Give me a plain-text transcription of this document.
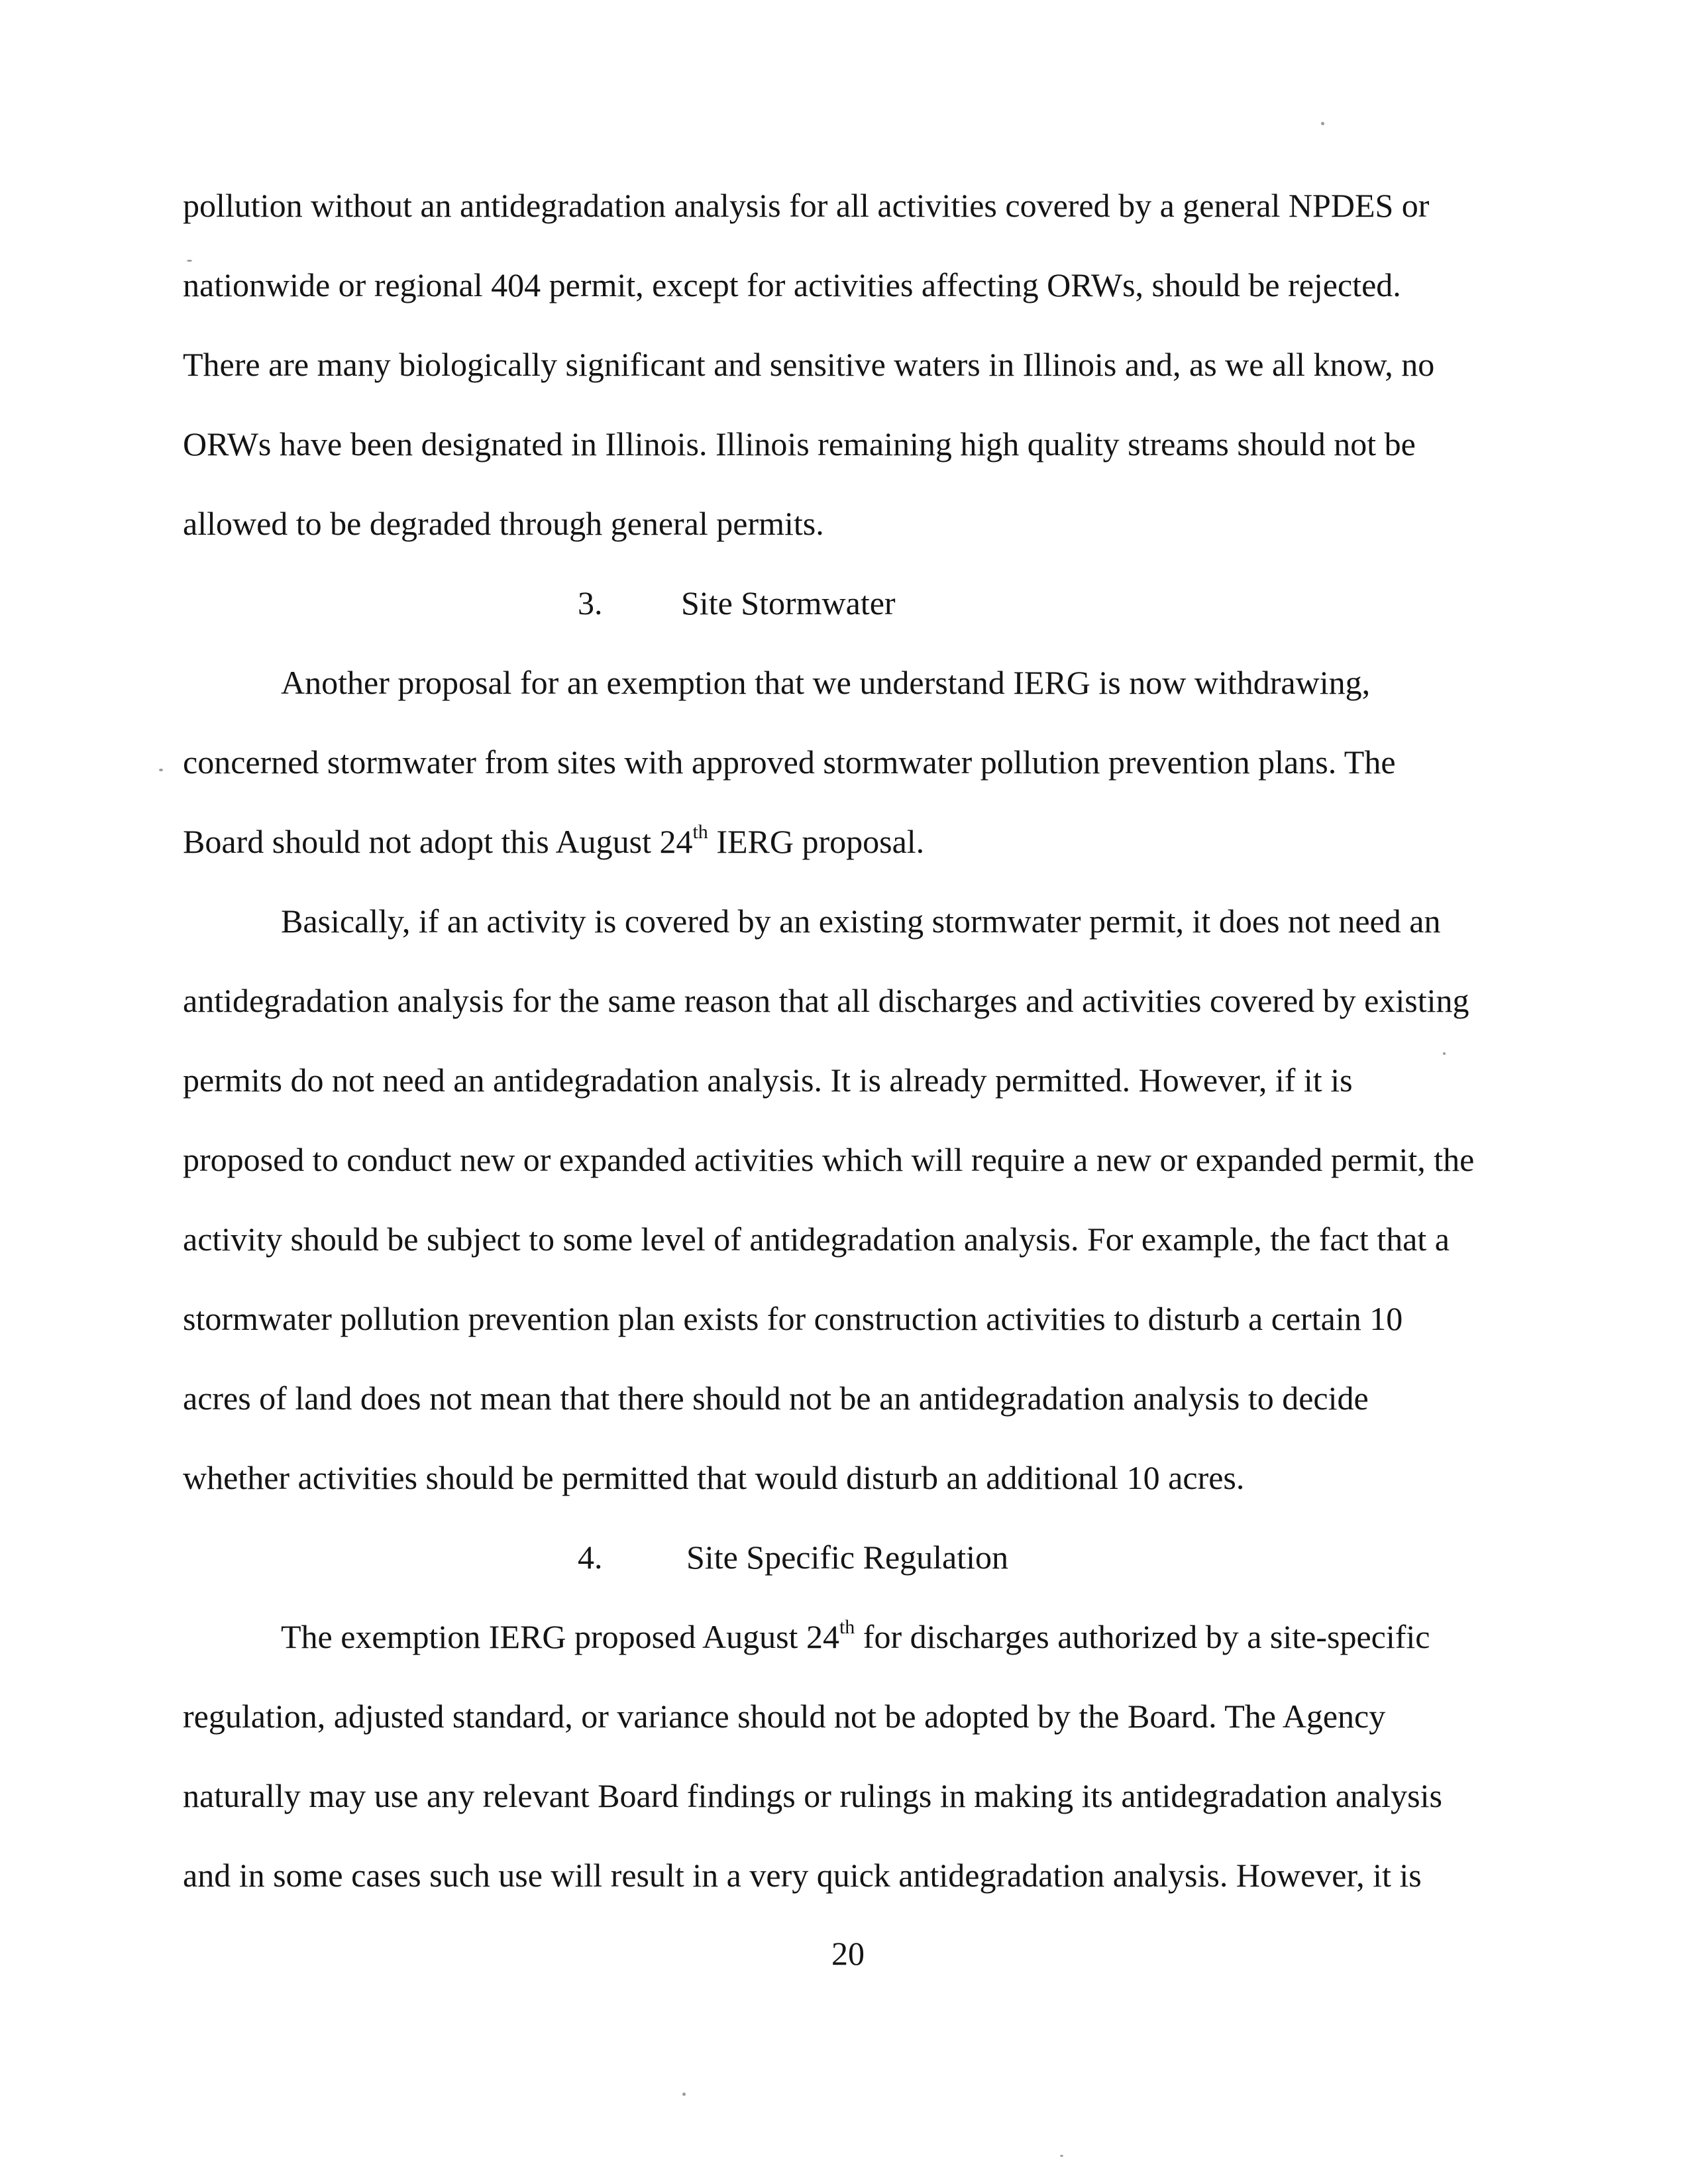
pollution without an antidegradation analysis for all activities covered by a general NPDES or
nationwide or regional 404 permit, except for activities affecting ORWs, should be rejected.
There are many biologically significant and sensitive waters in Illinois and, as we all know, no
ORWs have been designated in Illinois. Illinois remaining high quality streams should not be
allowed to be degraded through general permits.
3. Site Stormwater
Another proposal for an exemption that we understand IERG is now withdrawing,
concerned stormwater from sites with approved stormwater pollution prevention plans. The
Board should not adopt this August 24th IERG proposal.
Basically, if an activity is covered by an existing stormwater permit, it does not need an
antidegradation analysis for the same reason that all discharges and activities covered by existing
permits do not need an antidegradation analysis. It is already permitted. However, if it is
proposed to conduct new or expanded activities which will require a new or expanded permit, the
activity should be subject to some level of antidegradation analysis. For example, the fact that a
stormwater pollution prevention plan exists for construction activities to disturb a certain 10
acres of land does not mean that there should not be an antidegradation analysis to decide
whether activities should be permitted that would disturb an additional 10 acres.
4.	Site Specific Regulation
The exemption IERG proposed August 24th for discharges authorized by a site-specific
regulation, adjusted standard, or variance should not be adopted by the Board. The Agency
naturally may use any relevant Board findings or rulings in making its antidegradation analysis
and in some cases such use will result in a very quick antidegradation analysis. However, it is
20
